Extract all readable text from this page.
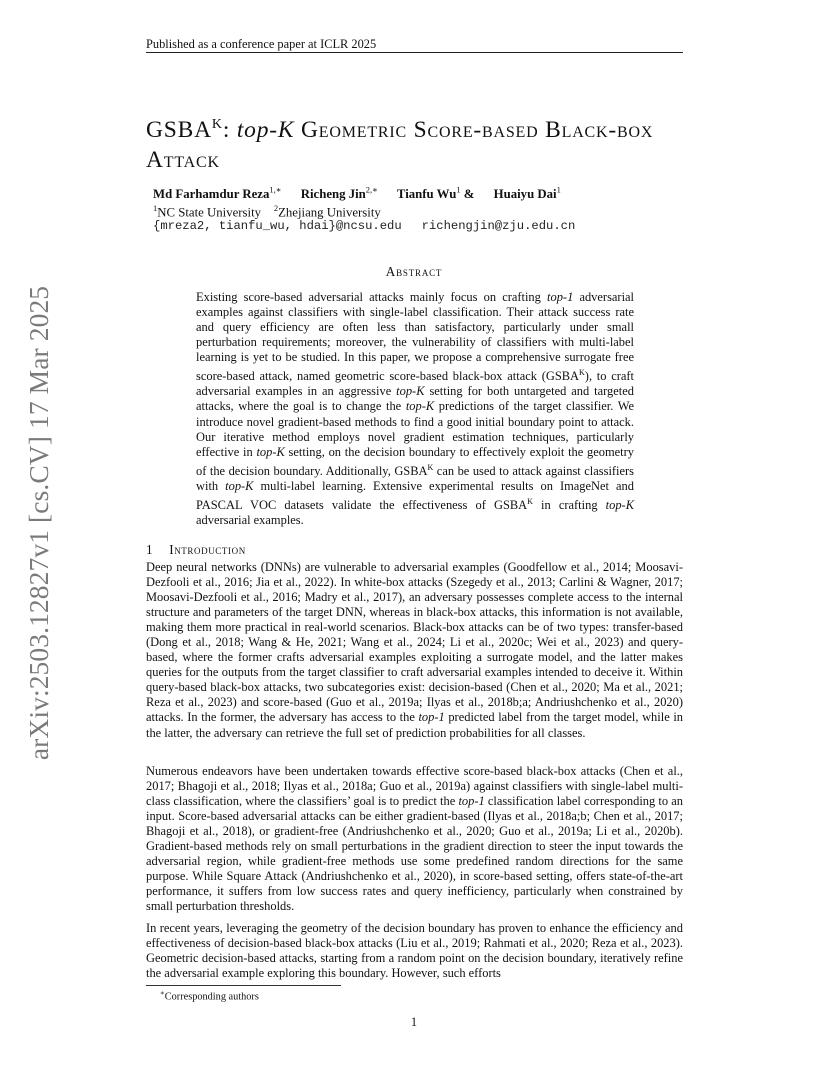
Published as a conference paper at ICLR 2025
arXiv:2503.12827v1 [cs.CV] 17 Mar 2025
$GSBA^K$: top-K Geometric Score-based Black-box Attack
Md Farhamdur Reza$^{1,∗}$ Richeng Jin$^{2,∗}$ Tianfu Wu$^1$ & Huaiyu Dai$^1$
$^1$NC State University $^2$Zhejiang University
{mreza2, tianfu_wu, hdai}@ncsu.edu richengjin@zju.edu.cn
Abstract
Existing score-based adversarial attacks mainly focus on crafting top-1 adversarial examples against classifiers with single-label classification. Their attack success rate and query efficiency are often less than satisfactory, particularly under small perturbation requirements; moreover, the vulnerability of classifiers with multi-label learning is yet to be studied. In this paper, we propose a comprehensive surrogate free score-based attack, named geometric score-based black-box attack $(GSBA^K)$, to craft adversarial examples in an aggressive top-K setting for both untargeted and targeted attacks, where the goal is to change the top-K predictions of the target classifier. We introduce novel gradient-based methods to find a good initial boundary point to attack. Our iterative method employs novel gradient estimation techniques, particularly effective in top-K setting, on the decision boundary to effectively exploit the geometry of the decision boundary. Additionally, $GSBA^K$ can be used to attack against classifiers with top-K multi-label learning. Extensive experimental results on ImageNet and PASCAL VOC datasets validate the effectiveness of $GSBA^K$ in crafting top-K adversarial examples.
1 Introduction

Deep neural networks (DNNs) are vulnerable to adversarial examples (Goodfellow et al., 2014; Moosavi-Dezfooli et al., 2016; Jia et al., 2022). In white-box attacks (Szegedy et al., 2013; Carlini & Wagner, 2017; Moosavi-Dezfooli et al., 2016; Madry et al., 2017), an adversary possesses complete access to the internal structure and parameters of the target DNN, whereas in black-box attacks, this information is not available, making them more practical in real-world scenarios. Black-box attacks can be of two types: transfer-based (Dong et al., 2018; Wang & He, 2021; Wang et al., 2024; Li et al., 2020c; Wei et al., 2023) and query-based, where the former crafts adversarial examples exploiting a surrogate model, and the latter makes queries for the outputs from the target classifier to craft adversarial examples intended to deceive it. Within query-based black-box attacks, two subcategories exist: decision-based (Chen et al., 2020; Ma et al., 2021; Reza et al., 2023) and score-based (Guo et al., 2019a; Ilyas et al., 2018b;a; Andriushchenko et al., 2020) attacks. In the former, the adversary has access to the top-1 predicted label from the target model, while in the latter, the adversary can retrieve the full set of prediction probabilities for all classes.

Numerous endeavors have been undertaken towards effective score-based black-box attacks (Chen et al., 2017; Bhagoji et al., 2018; Ilyas et al., 2018a; Guo et al., 2019a) against classifiers with single-label multi-class classification, where the classifiers’ goal is to predict the top-1 classification label corresponding to an input. Score-based adversarial attacks can be either gradient-based (Ilyas et al., 2018a;b; Chen et al., 2017; Bhagoji et al., 2018), or gradient-free (Andriushchenko et al., 2020; Guo et al., 2019a; Li et al., 2020b). Gradient-based methods rely on small perturbations in the gradient direction to steer the input towards the adversarial region, while gradient-free methods use some predefined random directions for the same purpose. While Square Attack (Andriushchenko et al., 2020), in score-based setting, offers state-of-the-art performance, it suffers from low success rates and query inefficiency, particularly when constrained by small perturbation thresholds.

In recent years, leveraging the geometry of the decision boundary has proven to enhance the efficiency and effectiveness of decision-based black-box attacks (Liu et al., 2019; Rahmati et al., 2020; Reza et al., 2023). Geometric decision-based attacks, starting from a random point on the decision boundary, iteratively refine the adversarial example exploring this boundary. However, such efforts

∗Corresponding authors
1
